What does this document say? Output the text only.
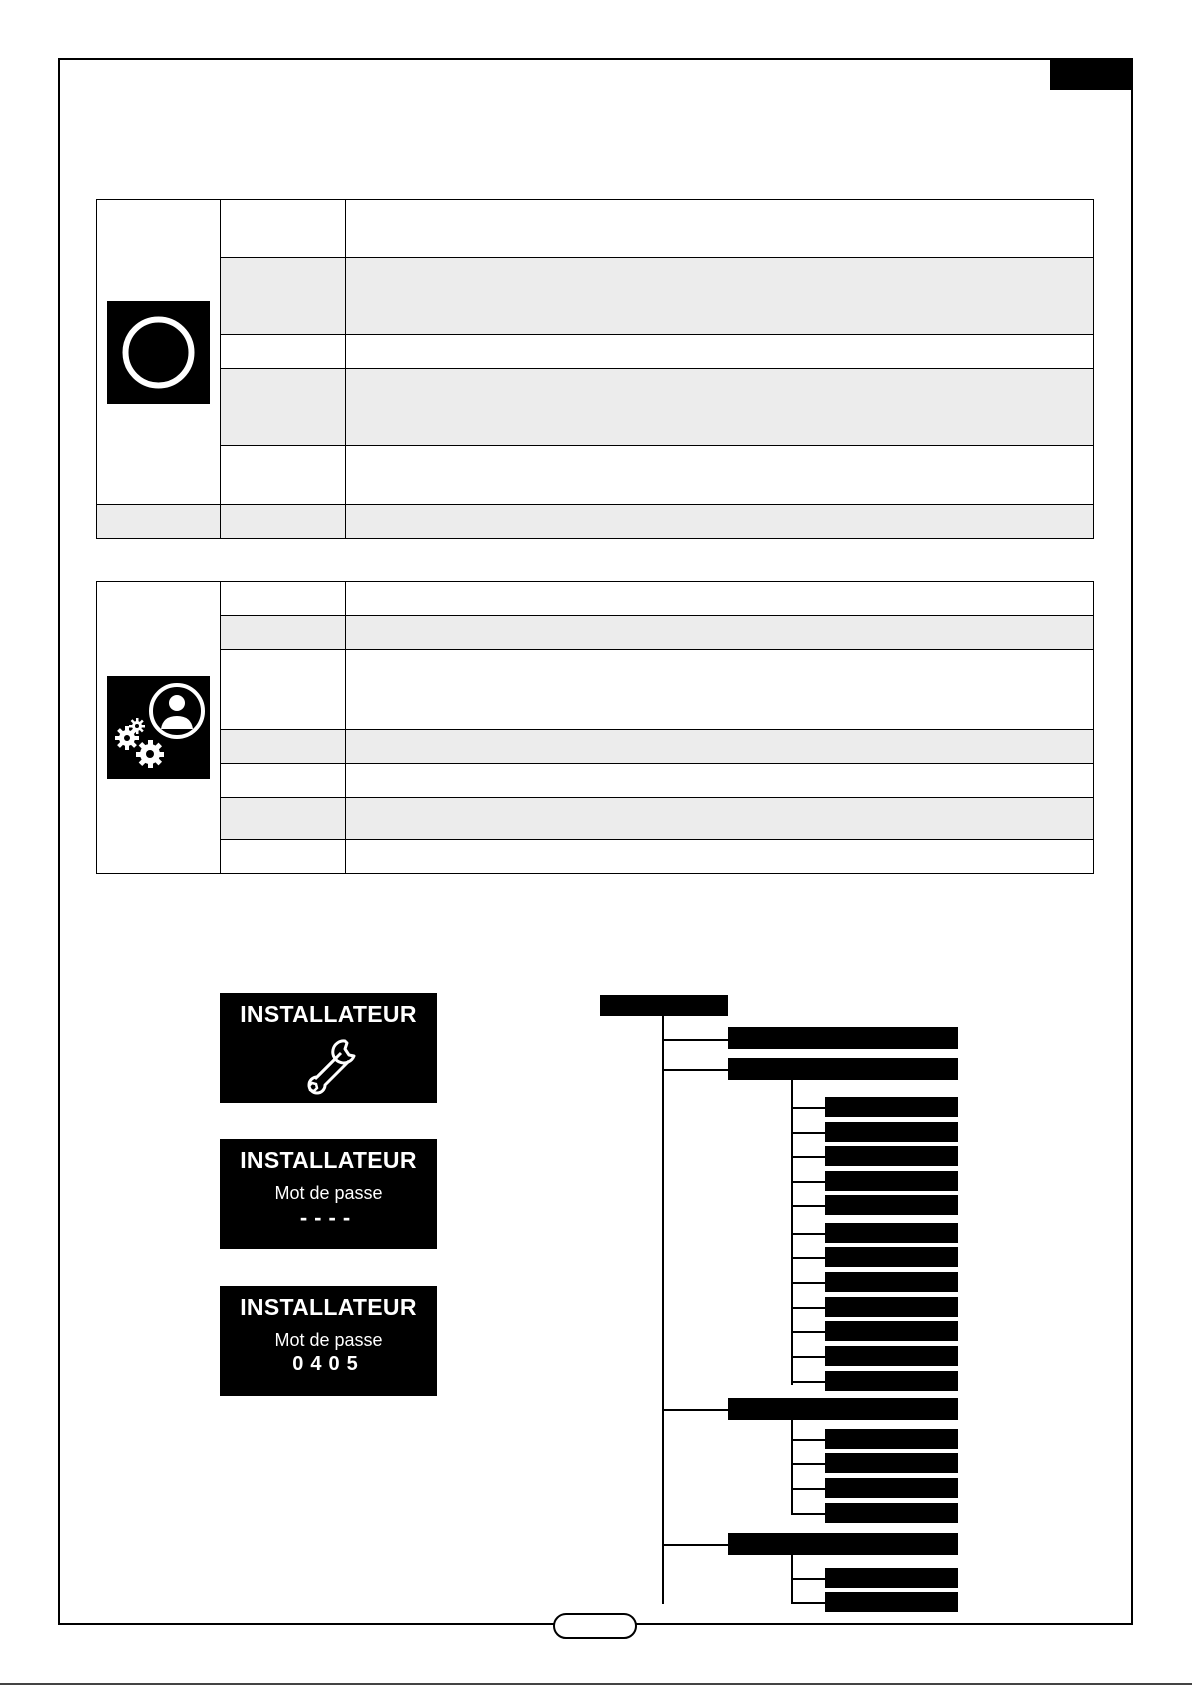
INSTALLATEUR
INSTALLATEUR
Mot de passe
----
INSTALLATEUR
Mot de passe
0405
